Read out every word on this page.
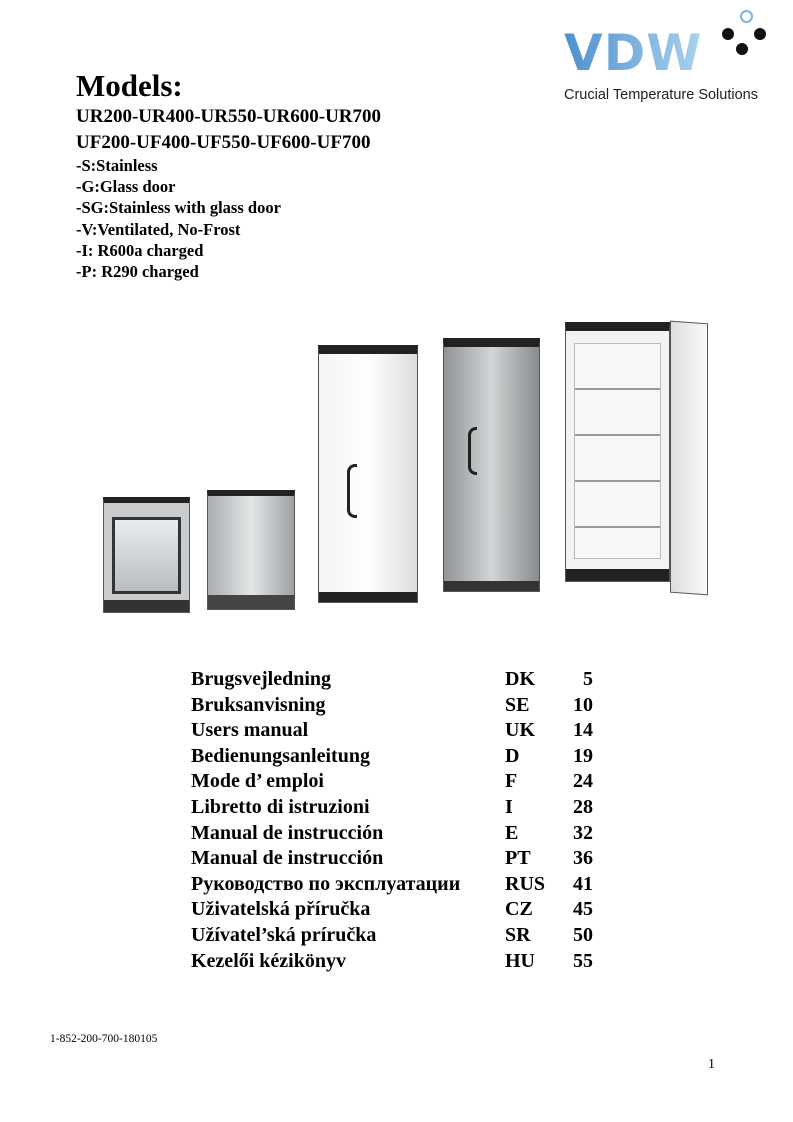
VDW
Crucial Temperature Solutions
Models:
UR200-UR400-UR550-UR600-UR700
UF200-UF400-UF550-UF600-UF700
-S:Stainless
-G:Glass door
-SG:Stainless with glass door
-V:Ventilated, No-Frost
-I: R600a charged
-P: R290 charged
Brugsvejledning	DK 5
Bruksanvisning	SE 10
Users manual	UK 14
Bedienungsanleitung	D	19
Mode d’ emploi	F	24
Libretto di istruzioni	I	28
Manual de instrucción	E	32
Manual de instrucción	PT 36
Руководство по эксплуатации RUS 41
Uživatelská příručka	CZ 45
Užívatel’ská príručka	SR 50
Kezelői kézikönyv	HU 55
1-852-200-700-180105
1
